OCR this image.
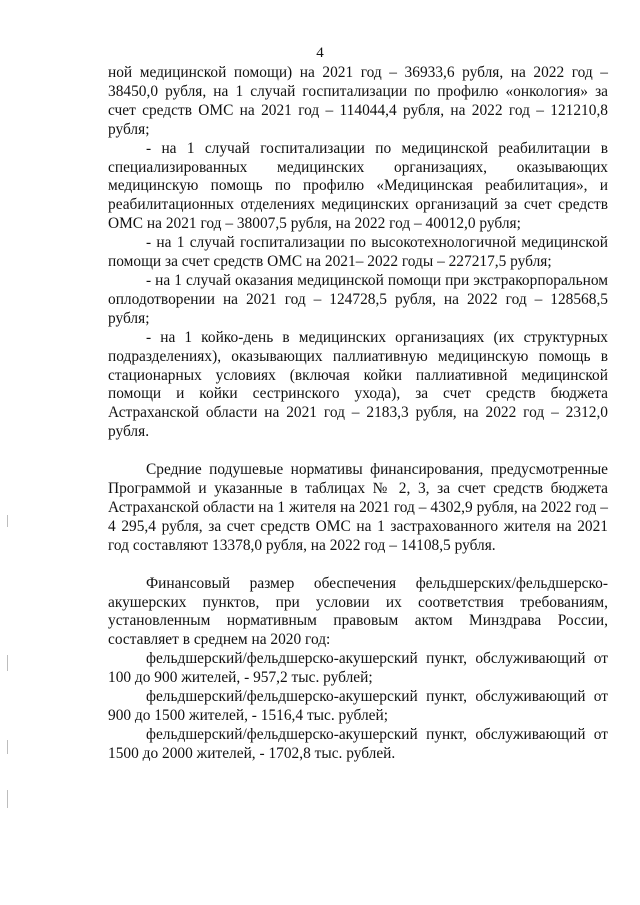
4

ной медицинской помощи) на 2021 год – 36933,6 рубля, на 2022 год – 38450,0 рубля, на 1 случай госпитализации по профилю «онкология» за счет средств ОМС на 2021 год – 114044,4 рубля, на 2022 год – 121210,8 рубля;

- на 1 случай госпитализации по медицинской реабилитации в специализированных медицинских организациях, оказывающих медицинскую помощь по профилю «Медицинская реабилитация», и реабилитационных отделениях медицинских организаций за счет средств ОМС на 2021 год – 38007,5 рубля, на 2022 год – 40012,0 рубля;

- на 1 случай госпитализации по высокотехнологичной медицинской помощи за счет средств ОМС на 2021– 2022 годы – 227217,5 рубля;

- на 1 случай оказания медицинской помощи при экстракорпоральном оплодотворении на 2021 год – 124728,5 рубля, на 2022 год – 128568,5 рубля;

- на 1 койко-день в медицинских организациях (их структурных подразделениях), оказывающих паллиативную медицинскую помощь в стационарных условиях (включая койки паллиативной медицинской помощи и койки сестринского ухода), за счет средств бюджета Астраханской области на 2021 год – 2183,3 рубля, на 2022 год – 2312,0 рубля.

Средние подушевые нормативы финансирования, предусмотренные Программой и указанные в таблицах № 2, 3, за счет средств бюджета Астраханской области на 1 жителя на 2021 год – 4302,9 рубля, на 2022 год – 4 295,4 рубля, за счет средств ОМС на 1 застрахованного жителя на 2021 год составляют 13378,0 рубля, на 2022 год – 14108,5 рубля.

Финансовый размер обеспечения фельдшерских/фельдшерско-акушерских пунктов, при условии их соответствия требованиям, установленным нормативным правовым актом Минздрава России, составляет в среднем на 2020 год:

фельдшерский/фельдшерско-акушерский пункт, обслуживающий от 100 до 900 жителей, - 957,2 тыс. рублей;

фельдшерский/фельдшерско-акушерский пункт, обслуживающий от 900 до 1500 жителей, - 1516,4 тыс. рублей;

фельдшерский/фельдшерско-акушерский пункт, обслуживающий от 1500 до 2000 жителей, - 1702,8 тыс. рублей.
